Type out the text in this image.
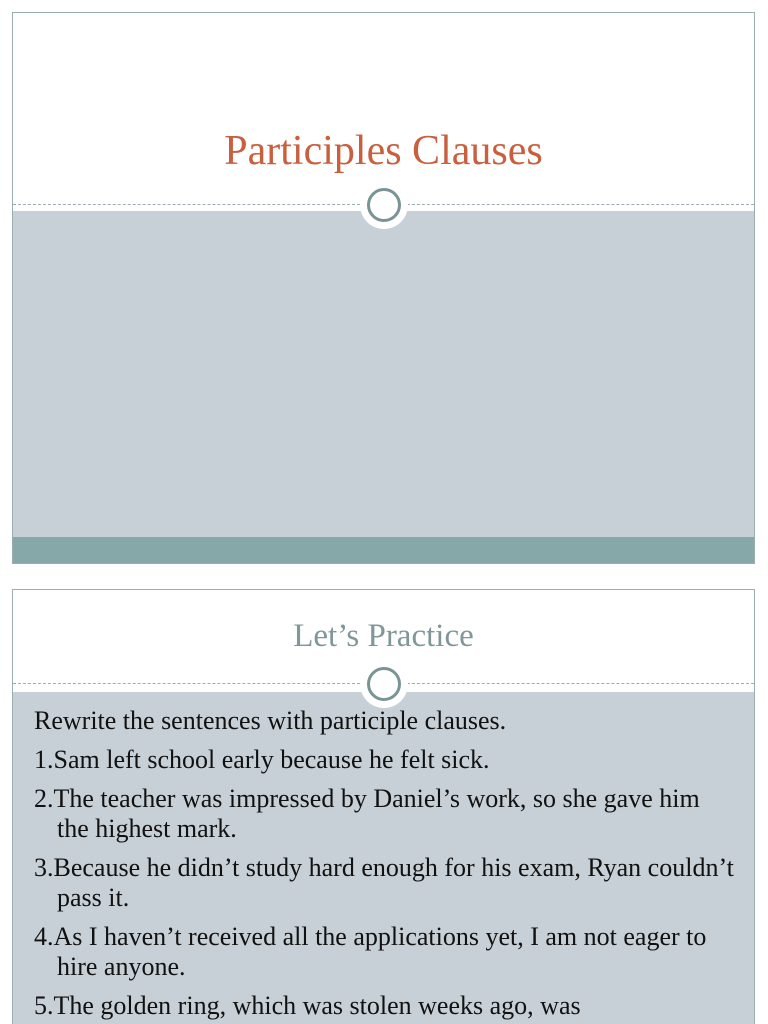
Participles Clauses
Let’s Practice

Rewrite the sentences with participle clauses.

1.Sam left school early because he felt sick.
2.The teacher was impressed by Daniel’s work, so she gave him the highest mark.
3.Because he didn’t study hard enough for his exam, Ryan couldn’t pass it.
4.As I haven’t received all the applications yet, I am not eager to hire anyone.
5.The golden ring, which was stolen weeks ago, was
